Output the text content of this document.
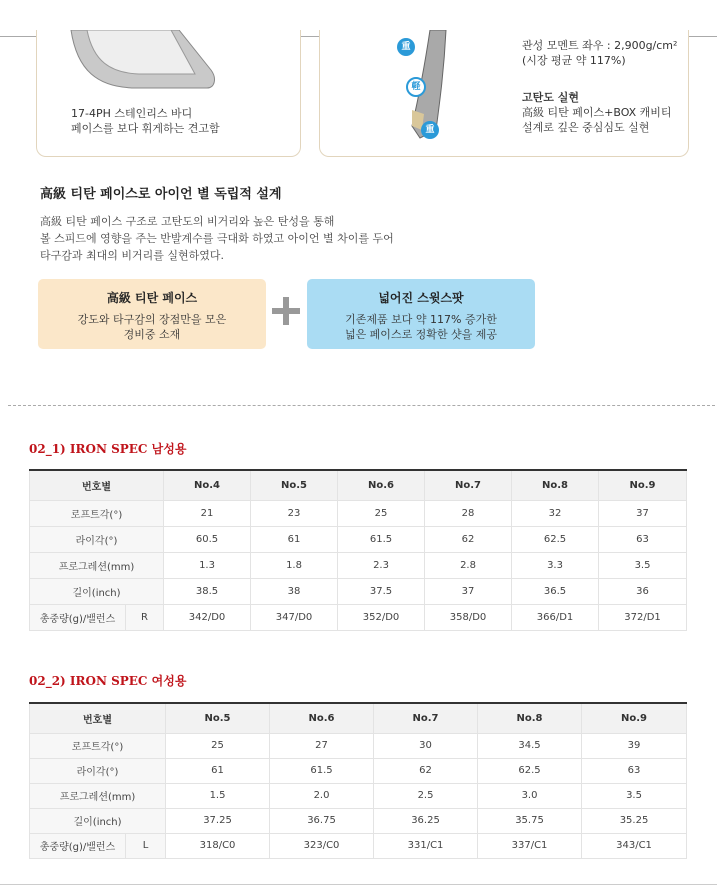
17-4PH 스테인리스 바디
페이스를 보다 휘게하는 견고함
重
軽
重
관성 모멘트 좌우 : 2,900g/cm²
(시장 평균 약 117%)
고탄도 실현
高級 티탄 페이스+BOX 캐비티
설계로 깊은 중심심도 실현
高級 티탄 페이스로 아이언 별 독립적 설계
高級 티탄 페이스 구조로 고탄도의 비거리와 높은 탄성을 통해
볼 스피드에 영향을 주는 반발계수를 극대화 하였고 아이언 별 차이를 두어
타구감과 최대의 비거리를 실현하였다.
高級 티탄 페이스
강도와 타구감의 장점만을 모은
경비중 소재
넓어진 스윗스팟
기존제품 보다 약 117% 증가한
넓은 페이스로 정확한 샷을 제공
02_1) IRON SPEC 남성용
번호별		No.4	No.5	No.6	No.7	No.8	No.9
로프트각(°)		21	23	25	28	32	37
라이각(°)		60.5	61	61.5	62	62.5	63
프로그레션(mm)		1.3	1.8	2.3	2.8	3.3	3.5
길이(inch)		38.5	38	37.5	37	36.5	36
총중량(g)/밸런스	R	342/D0	347/D0	352/D0	358/D0	366/D1	372/D1
02_2) IRON SPEC 여성용
번호별		No.5	No.6	No.7	No.8	No.9
로프트각(°)		25	27	30	34.5	39
라이각(°)		61	61.5	62	62.5	63
프로그레션(mm)		1.5	2.0	2.5	3.0	3.5
길이(inch)		37.25	36.75	36.25	35.75	35.25
총중량(g)/밸런스	L	318/C0	323/C0	331/C1	337/C1	343/C1
